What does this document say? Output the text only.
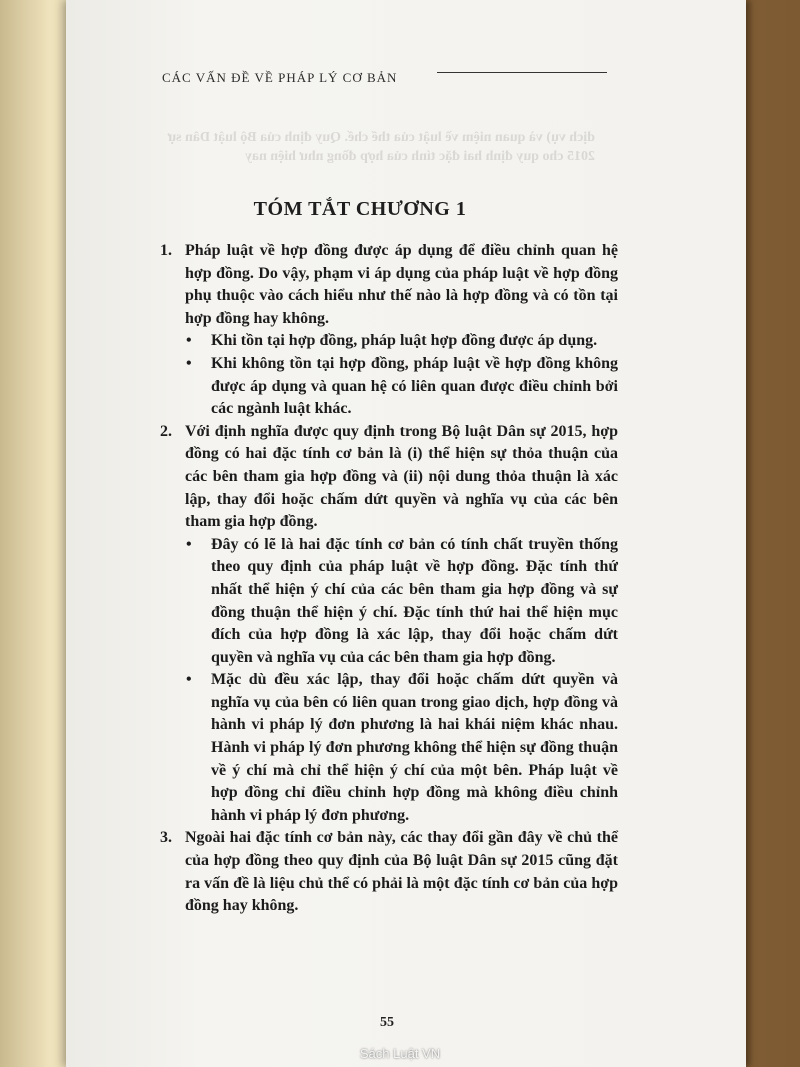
CÁC VẤN ĐỀ VỀ PHÁP LÝ CƠ BẢN
dịch vụ) và quan niệm về luật của thể chế. Quy định của Bộ luật Dân sự 2015 cho quy định hai đặc tính của hợp đồng như hiện nay
TÓM TẮT CHƯƠNG 1
1. Pháp luật về hợp đồng được áp dụng để điều chỉnh quan hệ hợp đồng. Do vậy, phạm vi áp dụng của pháp luật về hợp đồng phụ thuộc vào cách hiểu như thế nào là hợp đồng và có tồn tại hợp đồng hay không.
•	Khi tồn tại hợp đồng, pháp luật hợp đồng được áp dụng.
•	Khi không tồn tại hợp đồng, pháp luật về hợp đồng không được áp dụng và quan hệ có liên quan được điều chỉnh bởi các ngành luật khác.
2. Với định nghĩa được quy định trong Bộ luật Dân sự 2015, hợp đồng có hai đặc tính cơ bản là (i) thể hiện sự thỏa thuận của các bên tham gia hợp đồng và (ii) nội dung thỏa thuận là xác lập, thay đổi hoặc chấm dứt quyền và nghĩa vụ của các bên tham gia hợp đồng.
•	Đây có lẽ là hai đặc tính cơ bản có tính chất truyền thống theo quy định của pháp luật về hợp đồng. Đặc tính thứ nhất thể hiện ý chí của các bên tham gia hợp đồng và sự đồng thuận thể hiện ý chí. Đặc tính thứ hai thể hiện mục đích của hợp đồng là xác lập, thay đổi hoặc chấm dứt quyền và nghĩa vụ của các bên tham gia hợp đồng.
•	Mặc dù đều xác lập, thay đổi hoặc chấm dứt quyền và nghĩa vụ của bên có liên quan trong giao dịch, hợp đồng và hành vi pháp lý đơn phương là hai khái niệm khác nhau. Hành vi pháp lý đơn phương không thể hiện sự đồng thuận về ý chí mà chỉ thể hiện ý chí của một bên. Pháp luật về hợp đồng chỉ điều chỉnh hợp đồng mà không điều chỉnh hành vi pháp lý đơn phương.
3. Ngoài hai đặc tính cơ bản này, các thay đổi gần đây về chủ thể của hợp đồng theo quy định của Bộ luật Dân sự 2015 cũng đặt ra vấn đề là liệu chủ thể có phải là một đặc tính cơ bản của hợp đồng hay không.
55
Sách Luật VN
